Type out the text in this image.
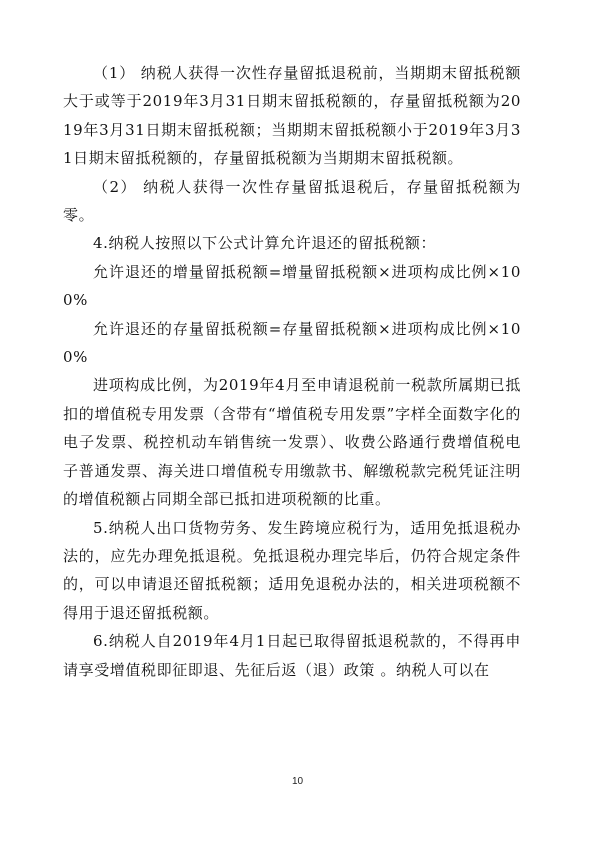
（1） 纳税人获得一次性存量留抵退税前，当期期末留抵税额大于或等于2019年3月31日期末留抵税额的，存量留抵税额为2019年3月31日期末留抵税额；当期期末留抵税额小于2019年3月31日期末留抵税额的，存量留抵税额为当期期末留抵税额。

（2） 纳税人获得一次性存量留抵退税后，存量留抵税额为零。

4.纳税人按照以下公式计算允许退还的留抵税额：

允许退还的增量留抵税额=增量留抵税额×进项构成比例×100%

允许退还的存量留抵税额=存量留抵税额×进项构成比例×100%

进项构成比例，为2019年4月至申请退税前一税款所属期已抵扣的增值税专用发票（含带有“增值税专用发票”字样全面数字化的电子发票、税控机动车销售统一发票）、收费公路通行费增值税电子普通发票、海关进口增值税专用缴款书、解缴税款完税凭证注明的增值税额占同期全部已抵扣进项税额的比重。

5.纳税人出口货物劳务、发生跨境应税行为，适用免抵退税办法的，应先办理免抵退税。免抵退税办理完毕后，仍符合规定条件的，可以申请退还留抵税额；适用免退税办法的，相关进项税额不得用于退还留抵税额。

6.纳税人自2019年4月1日起已取得留抵退税款的，不得再申请享受增值税即征即退、先征后返（退）政策 。纳税人可以在

10
